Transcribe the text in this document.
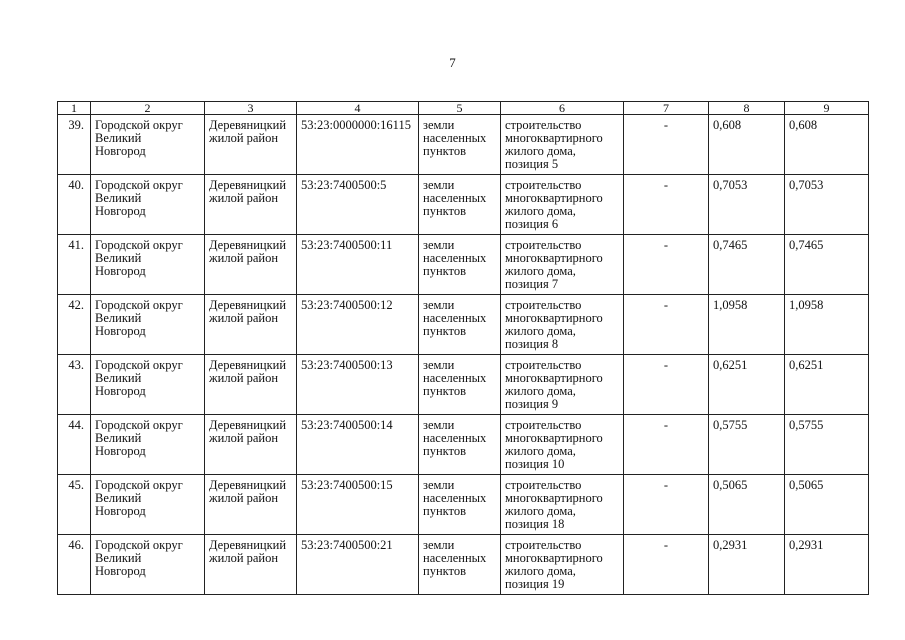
7
1	2	3	4	5	6	7	8	9
39.	Городской округ
Великий
Новгород	Деревяницкий
жилой район	53:23:0000000:16115	земли
населенных
пунктов	строительство
многоквартирного
жилого дома,
позиция 5	-	0,608	0,608
40.	Городской округ
Великий
Новгород	Деревяницкий
жилой район	53:23:7400500:5	земли
населенных
пунктов	строительство
многоквартирного
жилого дома,
позиция 6	-	0,7053	0,7053
41.	Городской округ
Великий
Новгород	Деревяницкий
жилой район	53:23:7400500:11	земли
населенных
пунктов	строительство
многоквартирного
жилого дома,
позиция 7	-	0,7465	0,7465
42.	Городской округ
Великий
Новгород	Деревяницкий
жилой район	53:23:7400500:12	земли
населенных
пунктов	строительство
многоквартирного
жилого дома,
позиция 8	-	1,0958	1,0958
43.	Городской округ
Великий
Новгород	Деревяницкий
жилой район	53:23:7400500:13	земли
населенных
пунктов	строительство
многоквартирного
жилого дома,
позиция 9	-	0,6251	0,6251
44.	Городской округ
Великий
Новгород	Деревяницкий
жилой район	53:23:7400500:14	земли
населенных
пунктов	строительство
многоквартирного
жилого дома,
позиция 10	-	0,5755	0,5755
45.	Городской округ
Великий
Новгород	Деревяницкий
жилой район	53:23:7400500:15	земли
населенных
пунктов	строительство
многоквартирного
жилого дома,
позиция 18	-	0,5065	0,5065
46.	Городской округ
Великий
Новгород	Деревяницкий
жилой район	53:23:7400500:21	земли
населенных
пунктов	строительство
многоквартирного
жилого дома,
позиция 19	-	0,2931	0,2931
